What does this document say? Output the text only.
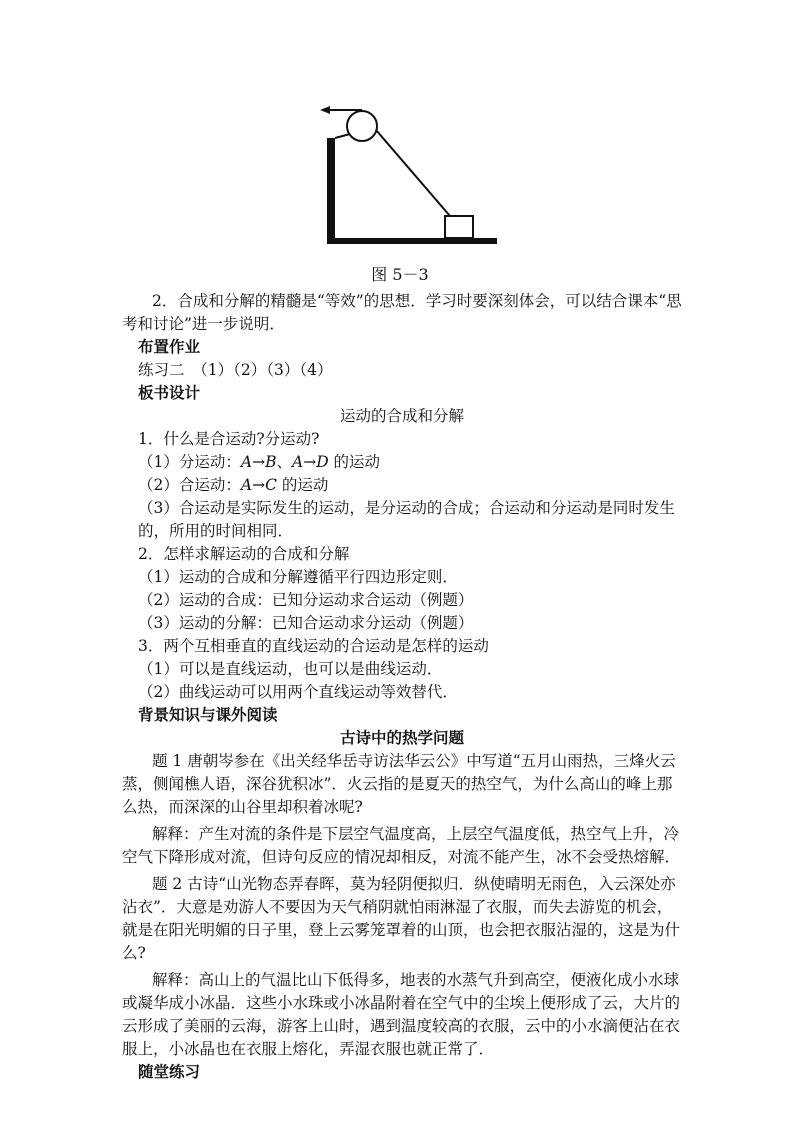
图 5－3

2．合成和分解的精髓是“等效”的思想．学习时要深刻体会，可以结合课本“思考和讨论”进一步说明．

布置作业

练习二　（1）（2）（3）（4）

板书设计

运动的合成和分解

1．什么是合运动?分运动?

（1）分运动：A→B、A→D 的运动

（2）合运动：A→C 的运动

（3）合运动是实际发生的运动，是分运动的合成；合运动和分运动是同时发生的，所用的时间相同．

2．怎样求解运动的合成和分解

（1）运动的合成和分解遵循平行四边形定则．

（2）运动的合成：已知分运动求合运动（例题）

（3）运动的分解：已知合运动求分运动（例题）

3．两个互相垂直的直线运动的合运动是怎样的运动

（1）可以是直线运动，也可以是曲线运动．

（2）曲线运动可以用两个直线运动等效替代．

背景知识与课外阅读

古诗中的热学问题

题 1 唐朝岑参在《出关经华岳寺访法华云公》中写道“五月山雨热，三烽火云蒸，侧闻樵人语，深谷犹积冰”．火云指的是夏天的热空气，为什么高山的峰上那么热，而深深的山谷里却积着冰呢?

解释：产生对流的条件是下层空气温度高，上层空气温度低，热空气上升，冷空气下降形成对流，但诗句反应的情况却相反，对流不能产生，冰不会受热熔解．

题 2 古诗“山光物态弄春晖，莫为轻阴便拟归．纵使晴明无雨色，入云深处亦沾衣”．大意是劝游人不要因为天气稍阴就怕雨淋湿了衣服，而失去游览的机会，就是在阳光明媚的日子里，登上云雾笼罩着的山顶，也会把衣服沾湿的，这是为什么?

解释：高山上的气温比山下低得多，地表的水蒸气升到高空，便液化成小水球或凝华成小冰晶．这些小水珠或小冰晶附着在空气中的尘埃上便形成了云，大片的云形成了美丽的云海，游客上山时，遇到温度较高的衣服，云中的小水滴便沾在衣服上，小冰晶也在衣服上熔化，弄湿衣服也就正常了．

随堂练习
